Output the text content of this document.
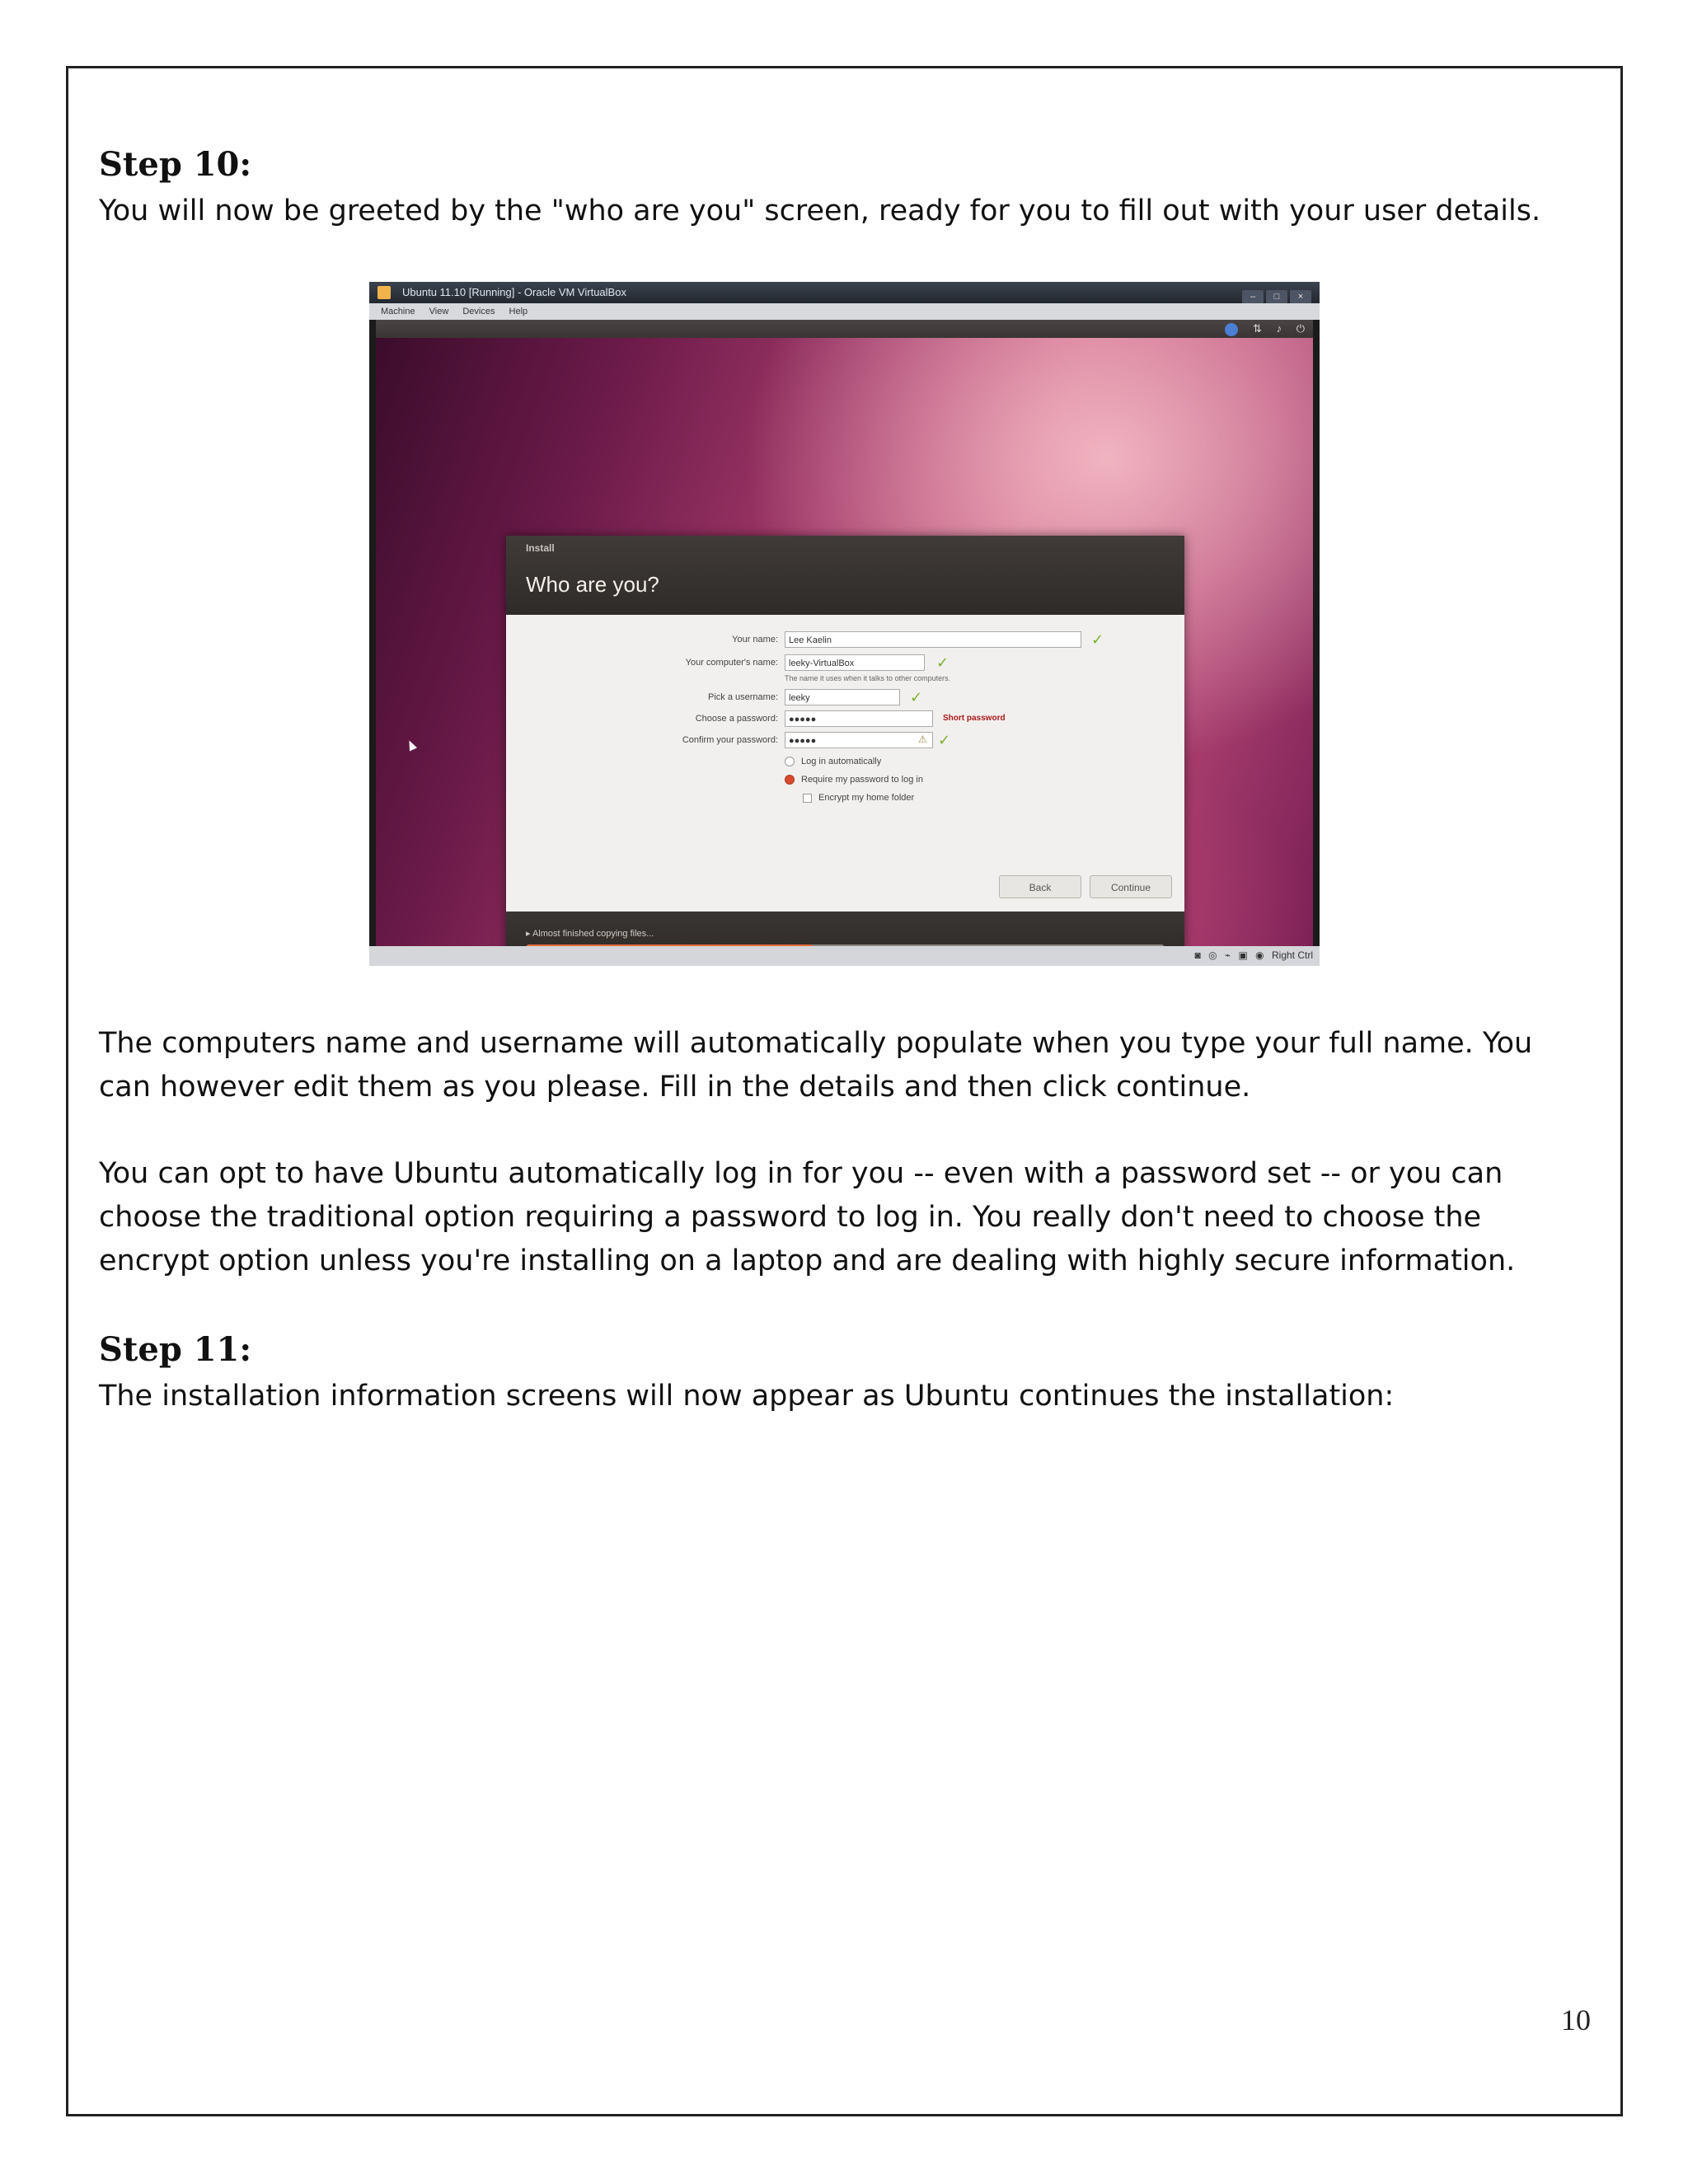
Step 10:

You will now be greeted by the "who are you" screen, ready for you to fill out with your user details.

Ubuntu 11.10 [Running] - Oracle VM VirtualBox	– □ ×
Machine View Devices Help
⇅ ♪ ⏻
Install
Who are you?
Your name:	Lee Kaelin	✓
Your computer's name:	leeky-VirtualBox	✓
The name it uses when it talks to other computers.
Pick a username:	leeky	✓
Choose a password:	●●●●●	Short password
Confirm your password:	●●●●●	⚠ ✓
Log in automatically
Require my password to log in
Encrypt my home folder
Back	Continue
▸ Almost finished copying files...
◙ ◎ ⌁ ▣ ◉ Right Ctrl

The computers name and username will automatically populate when you type your full name. You can however edit them as you please. Fill in the details and then click continue.

You can opt to have Ubuntu automatically log in for you -- even with a password set -- or you can choose the traditional option requiring a password to log in. You really don't need to choose the encrypt option unless you're installing on a laptop and are dealing with highly secure information.

Step 11:

The installation information screens will now appear as Ubuntu continues the installation:

10
